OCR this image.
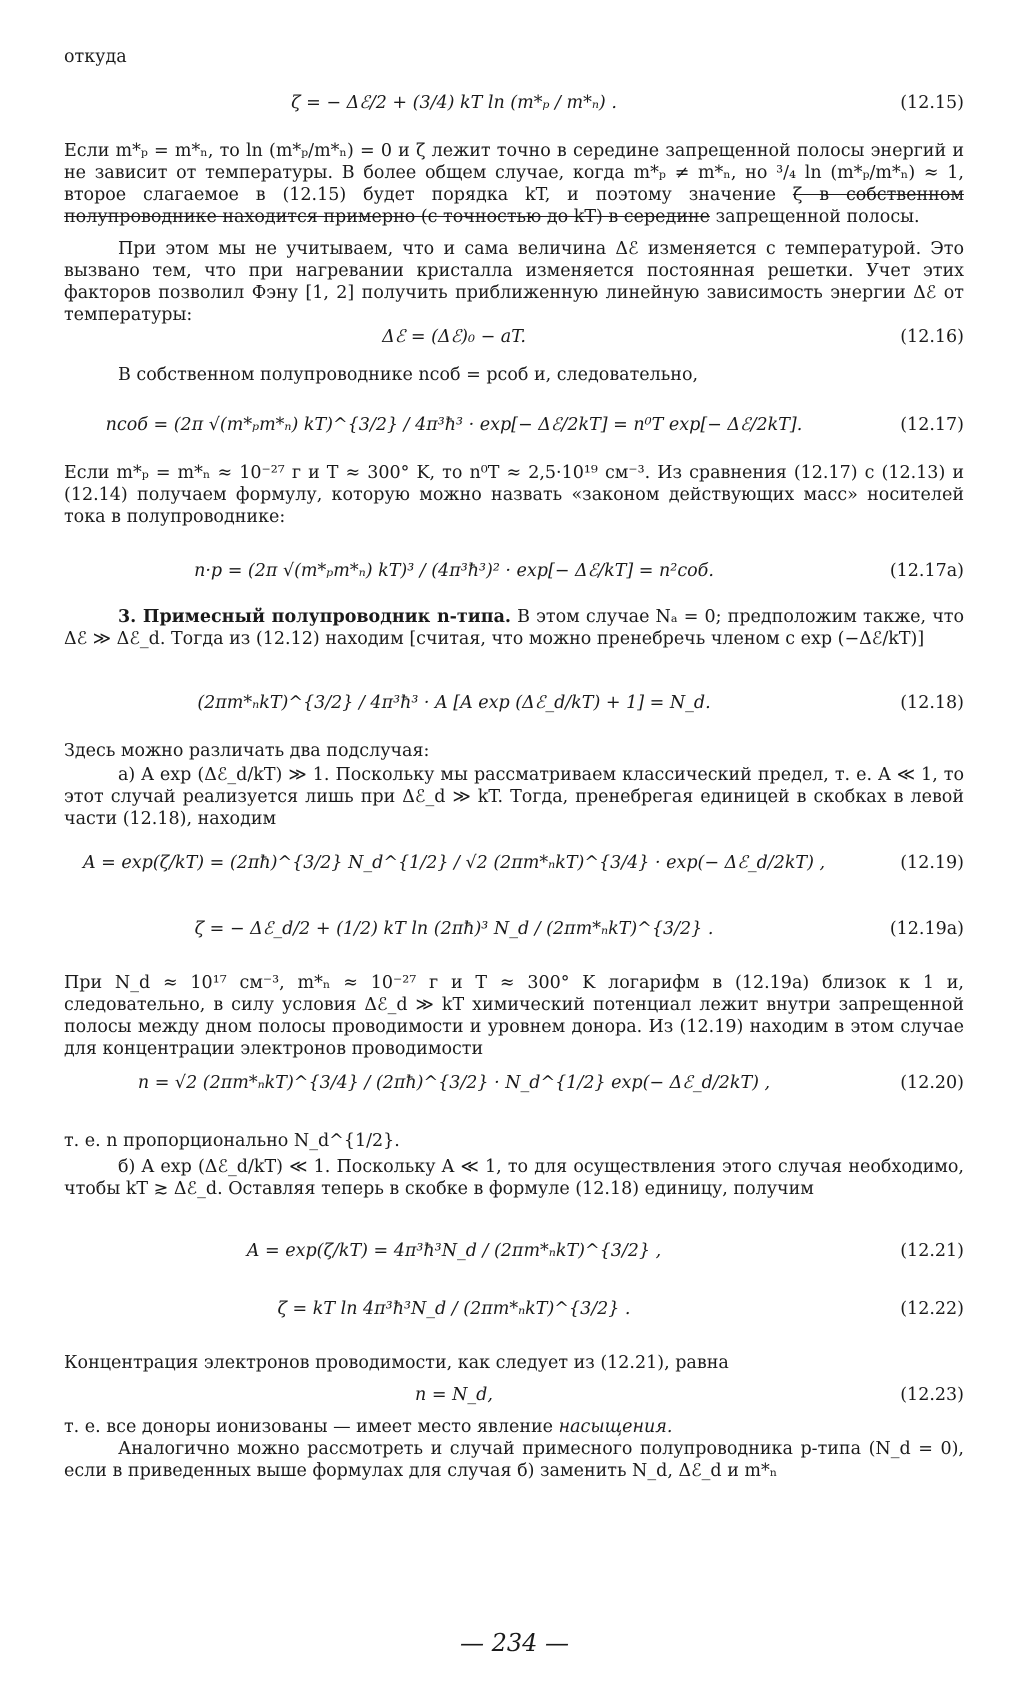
откуда
ζ = − Δℰ/2 + (3/4) kT ln (m*ₚ / m*ₙ) .	(12.15)
Если m*ₚ = m*ₙ, то ln (m*ₚ/m*ₙ) = 0 и ζ лежит точно в середине запрещенной полосы энергий и не зависит от температуры. В более общем случае, когда m*ₚ ≠ m*ₙ, но ³/₄ ln (m*ₚ/m*ₙ) ≈ 1, второе слагаемое в (12.15) будет порядка kT, и поэтому значение ζ в собственном полупроводнике находится примерно (с точностью до kT) в середине запрещенной полосы.
При этом мы не учитываем, что и сама величина Δℰ изменяется с температурой. Это вызвано тем, что при нагревании кристалла изменяется постоянная решетки. Учет этих факторов позволил Фэну [1, 2] получить приближенную линейную зависимость энергии Δℰ от температуры:
Δℰ = (Δℰ)₀ − aT.	(12.16)
В собственном полупроводнике nсоб = pсоб и, следовательно,
nсоб = (2π √(m*ₚm*ₙ) kT)^{3/2} / 4π³ħ³ · exp[− Δℰ/2kT] = n⁰T exp[− Δℰ/2kT].	(12.17)
Если m*ₚ = m*ₙ ≈ 10⁻²⁷ г и T ≈ 300° K, то n⁰T ≈ 2,5·10¹⁹ см⁻³. Из сравнения (12.17) с (12.13) и (12.14) получаем формулу, которую можно назвать «законом действующих масс» носителей тока в полупроводнике:
n·p = (2π √(m*ₚm*ₙ) kT)³ / (4π³ħ³)² · exp[− Δℰ/kT] = n²соб.	(12.17a)
3. Примесный полупроводник n-типа. В этом случае Nₐ = 0; предположим также, что Δℰ ≫ Δℰ_d. Тогда из (12.12) находим [считая, что можно пренебречь членом с exp (−Δℰ/kT)]
(2πm*ₙkT)^{3/2} / 4π³ħ³ · A [A exp (Δℰ_d/kT) + 1] = N_d.	(12.18)
Здесь можно различать два подслучая:
а) A exp (Δℰ_d/kT) ≫ 1. Поскольку мы рассматриваем классический предел, т. е. A ≪ 1, то этот случай реализуется лишь при Δℰ_d ≫ kT. Тогда, пренебрегая единицей в скобках в левой части (12.18), находим
A = exp(ζ/kT) = (2πħ)^{3/2} N_d^{1/2} / √2 (2πm*ₙkT)^{3/4} · exp(− Δℰ_d/2kT) ,	(12.19)
ζ = − Δℰ_d/2 + (1/2) kT ln (2πħ)³ N_d / (2πm*ₙkT)^{3/2} .	(12.19a)
При N_d ≈ 10¹⁷ см⁻³, m*ₙ ≈ 10⁻²⁷ г и T ≈ 300° K логарифм в (12.19a) близок к 1 и, следовательно, в силу условия Δℰ_d ≫ kT химический потенциал лежит внутри запрещенной полосы между дном полосы проводимости и уровнем донора. Из (12.19) находим в этом случае для концентрации электронов проводимости
n = √2 (2πm*ₙkT)^{3/4} / (2πħ)^{3/2} · N_d^{1/2} exp(− Δℰ_d/2kT) ,	(12.20)
т. е. n пропорционально N_d^{1/2}.
б) A exp (Δℰ_d/kT) ≪ 1. Поскольку A ≪ 1, то для осуществления этого случая необходимо, чтобы kT ≳ Δℰ_d. Оставляя теперь в скобке в формуле (12.18) единицу, получим
A = exp(ζ/kT) = 4π³ħ³N_d / (2πm*ₙkT)^{3/2} ,	(12.21)
ζ = kT ln 4π³ħ³N_d / (2πm*ₙkT)^{3/2} .	(12.22)
Концентрация электронов проводимости, как следует из (12.21), равна
n = N_d,	(12.23)
т. е. все доноры ионизованы — имеет место явление насыщения.
Аналогично можно рассмотреть и случай примесного полупроводника p-типа (N_d = 0), если в приведенных выше формулах для случая б) заменить N_d, Δℰ_d и m*ₙ
— 234 —
